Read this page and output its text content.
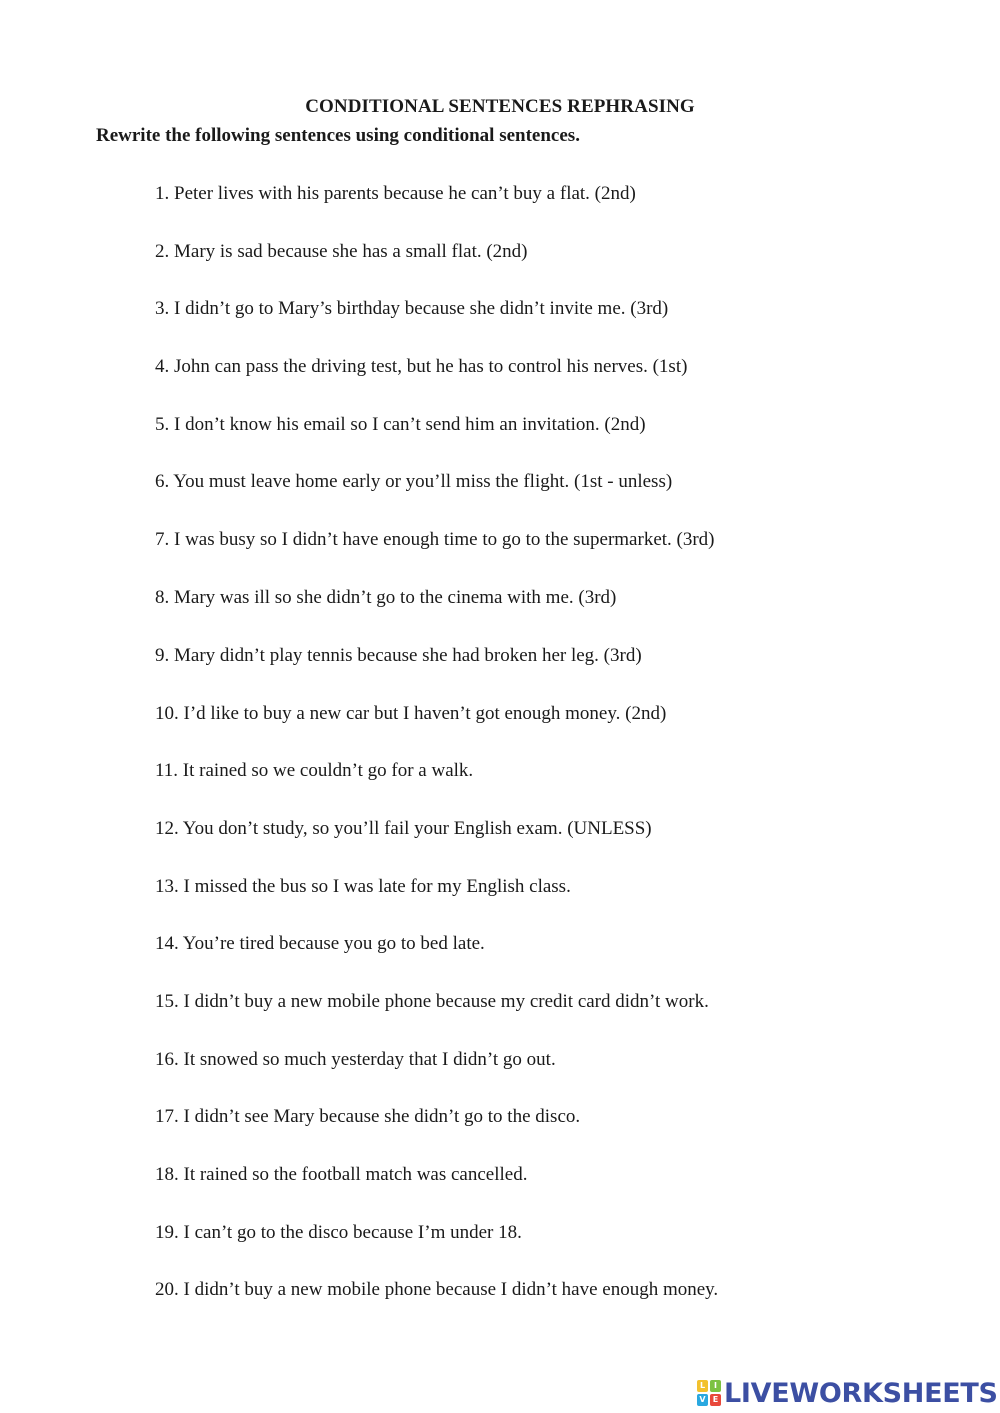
CONDITIONAL SENTENCES REPHRASING
Rewrite the following sentences using conditional sentences.
1. Peter lives with his parents because he can’t buy a flat. (2nd)
2. Mary is sad because she has a small flat. (2nd)
3. I didn’t go to Mary’s birthday because she didn’t invite me. (3rd)
4. John can pass the driving test, but he has to control his nerves. (1st)
5. I don’t know his email so I can’t send him an invitation. (2nd)
6. You must leave home early or you’ll miss the flight. (1st - unless)
7. I was busy so I didn’t have enough time to go to the supermarket. (3rd)
8. Mary was ill so she didn’t go to the cinema with me. (3rd)
9. Mary didn’t play tennis because she had broken her leg. (3rd)
10. I’d like to buy a new car but I haven’t got enough money. (2nd)
11. It rained so we couldn’t go for a walk.
12. You don’t study, so you’ll fail your English exam. (UNLESS)
13. I missed the bus so I was late for my English class.
14. You’re tired because you go to bed late.
15. I didn’t buy a new mobile phone because my credit card didn’t work.
16. It snowed so much yesterday that I didn’t go out.
17. I didn’t see Mary because she didn’t go to the disco.
18. It rained so the football match was cancelled.
19. I can’t go to the disco because I’m under 18.
20. I didn’t buy a new mobile phone because I didn’t have enough money.
L	I
V E LIVEWORKSHEETS
